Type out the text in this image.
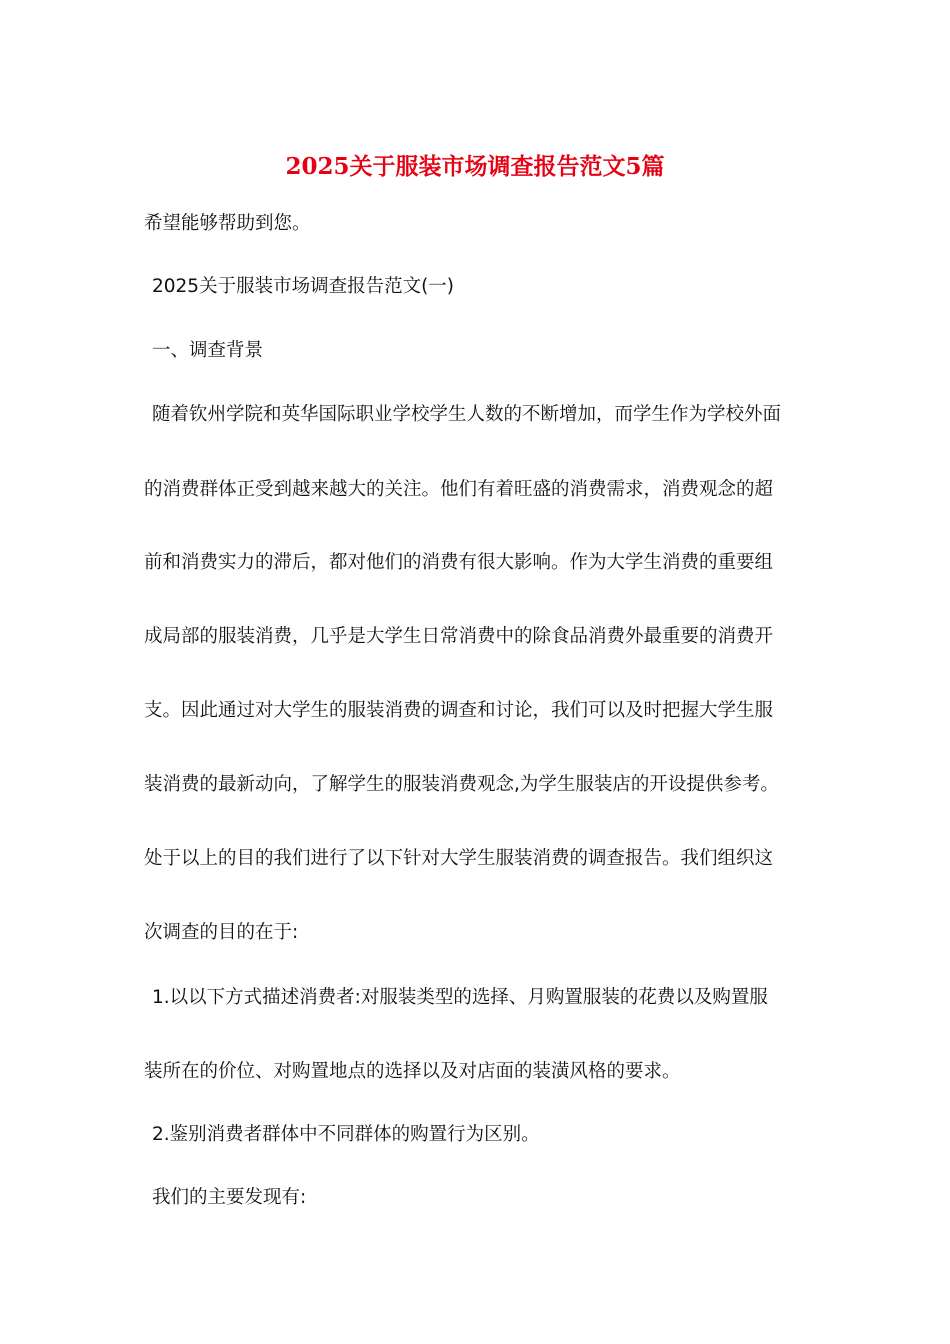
2025关于服装市场调查报告范文5篇
希望能够帮助到您。
2025关于服装市场调查报告范文(一)
一、调查背景
随着钦州学院和英华国际职业学校学生人数的不断增加，而学生作为学校外面
的消费群体正受到越来越大的关注。他们有着旺盛的消费需求，消费观念的超
前和消费实力的滞后，都对他们的消费有很大影响。作为大学生消费的重要组
成局部的服装消费，几乎是大学生日常消费中的除食品消费外最重要的消费开
支。因此通过对大学生的服装消费的调查和讨论，我们可以及时把握大学生服
装消费的最新动向，了解学生的服装消费观念,为学生服装店的开设提供参考。
处于以上的目的我们进行了以下针对大学生服装消费的调查报告。我们组织这
次调查的目的在于:
1.以以下方式描述消费者:对服装类型的选择、月购置服装的花费以及购置服
装所在的价位、对购置地点的选择以及对店面的装潢风格的要求。
2.鉴别消费者群体中不同群体的购置行为区别。
我们的主要发现有:
